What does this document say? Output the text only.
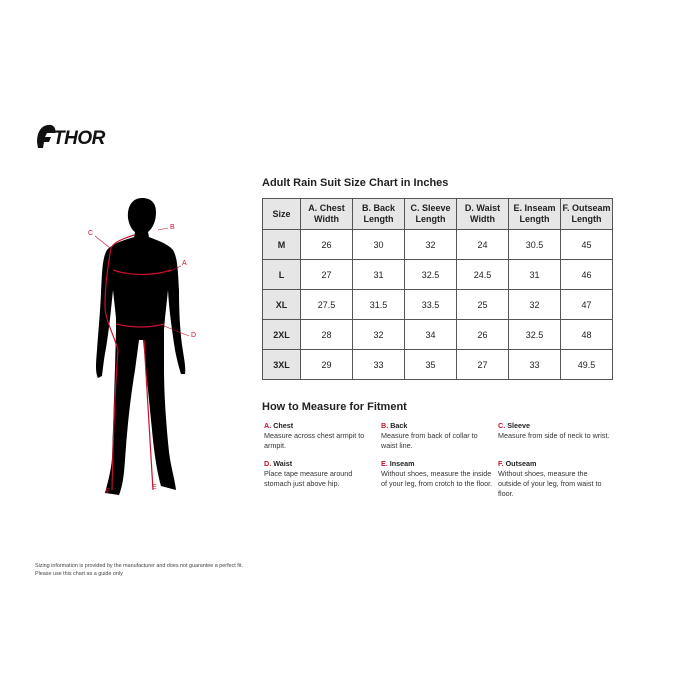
THOR
A
B
C
D
E
F
Adult Rain Suit Size Chart in Inches
Size	A. Chest Width	B. Back Length	C. Sleeve Length	D. Waist Width	E. Inseam Length	F. Outseam Length
M	26	30	32	24	30.5	45
L	27	31	32.5	24.5	31	46
XL	27.5	31.5	33.5	25	32	47
2XL	28	32	34	26	32.5	48
3XL	29	33	35	27	33	49.5
How to Measure for Fitment
A. Chest
Measure across chest armpit to armpit.
B. Back
Measure from back of collar to waist line.
C. Sleeve
Measure from side of neck to wrist.
D. Waist
Place tape measure around stomach just above hip.
E. Inseam
Without shoes, measure the inside of your leg, from crotch to the floor.
F. Outseam
Without shoes, measure the outside of your leg, from waist to floor.
Sizing information is provided by the manufacturer and does not guarantee a perfect fit.
Please use this chart as a guide only
